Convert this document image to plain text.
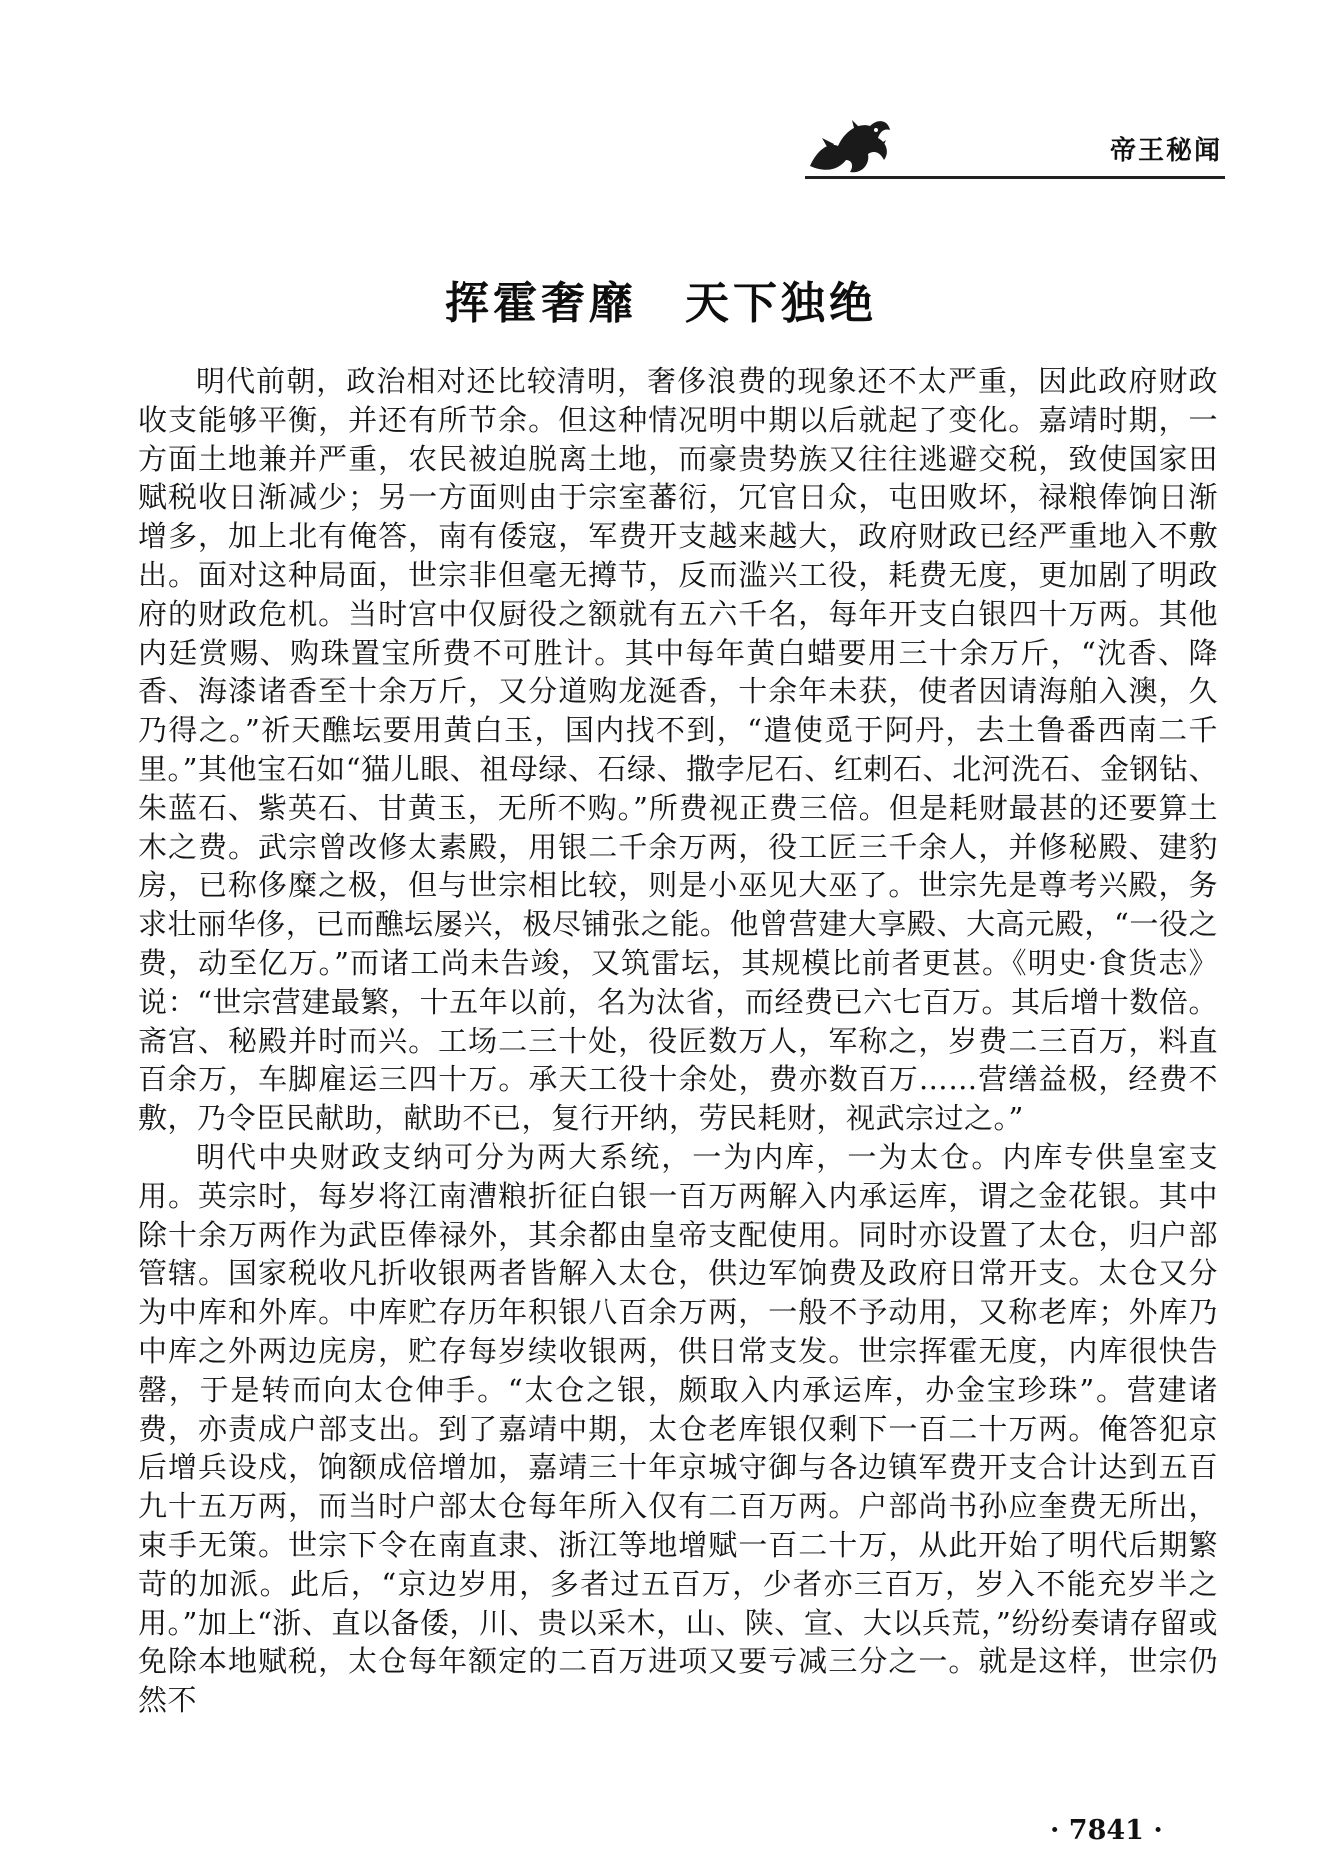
帝王秘闻
挥霍奢靡　天下独绝

明代前朝，政治相对还比较清明，奢侈浪费的现象还不太严重，因此政府财政收支能够平衡，并还有所节余。但这种情况明中期以后就起了变化。嘉靖时期，一方面土地兼并严重，农民被迫脱离土地，而豪贵势族又往往逃避交税，致使国家田赋税收日渐减少；另一方面则由于宗室蕃衍，冗官日众，屯田败坏，禄粮俸饷日渐增多，加上北有俺答，南有倭寇，军费开支越来越大，政府财政已经严重地入不敷出。面对这种局面，世宗非但毫无撙节，反而滥兴工役，耗费无度，更加剧了明政府的财政危机。当时宫中仅厨役之额就有五六千名，每年开支白银四十万两。其他内廷赏赐、购珠置宝所费不可胜计。其中每年黄白蜡要用三十余万斤，“沈香、降香、海漆诸香至十余万斤，又分道购龙涎香，十余年未获，使者因请海舶入澳，久乃得之。”祈天醮坛要用黄白玉，国内找不到，“遣使觅于阿丹，去土鲁番西南二千里。”其他宝石如“猫儿眼、祖母绿、石绿、撒孛尼石、红剌石、北河洗石、金钢钻、朱蓝石、紫英石、甘黄玉，无所不购。”所费视正费三倍。但是耗财最甚的还要算土木之费。武宗曾改修太素殿，用银二千余万两，役工匠三千余人，并修秘殿、建豹房，已称侈糜之极，但与世宗相比较，则是小巫见大巫了。世宗先是尊考兴殿，务求壮丽华侈，已而醮坛屡兴，极尽铺张之能。他曾营建大享殿、大高元殿，“一役之费，动至亿万。”而诸工尚未告竣，又筑雷坛，其规模比前者更甚。《明史·食货志》说：“世宗营建最繁，十五年以前，名为汰省，而经费已六七百万。其后增十数倍。斋宫、秘殿并时而兴。工场二三十处，役匠数万人，军称之，岁费二三百万，料直百余万，车脚雇运三四十万。承天工役十余处，费亦数百万……营缮益极，经费不敷，乃令臣民献助，献助不已，复行开纳，劳民耗财，视武宗过之。”

明代中央财政支纳可分为两大系统，一为内库，一为太仓。内库专供皇室支用。英宗时，每岁将江南漕粮折征白银一百万两解入内承运库，谓之金花银。其中除十余万两作为武臣俸禄外，其余都由皇帝支配使用。同时亦设置了太仓，归户部管辖。国家税收凡折收银两者皆解入太仓，供边军饷费及政府日常开支。太仓又分为中库和外库。中库贮存历年积银八百余万两，一般不予动用，又称老库；外库乃中库之外两边庑房，贮存每岁续收银两，供日常支发。世宗挥霍无度，内库很快告罄，于是转而向太仓伸手。“太仓之银，颇取入内承运库，办金宝珍珠”。营建诸费，亦责成户部支出。到了嘉靖中期，太仓老库银仅剩下一百二十万两。俺答犯京后增兵设戍，饷额成倍增加，嘉靖三十年京城守御与各边镇军费开支合计达到五百九十五万两，而当时户部太仓每年所入仅有二百万两。户部尚书孙应奎费无所出，束手无策。世宗下令在南直隶、浙江等地增赋一百二十万，从此开始了明代后期繁苛的加派。此后，“京边岁用，多者过五百万，少者亦三百万，岁入不能充岁半之用。”加上“浙、直以备倭，川、贵以采木，山、陕、宣、大以兵荒，”纷纷奏请存留或免除本地赋税，太仓每年额定的二百万进项又要亏减三分之一。就是这样，世宗仍然不

· 7841 ·
